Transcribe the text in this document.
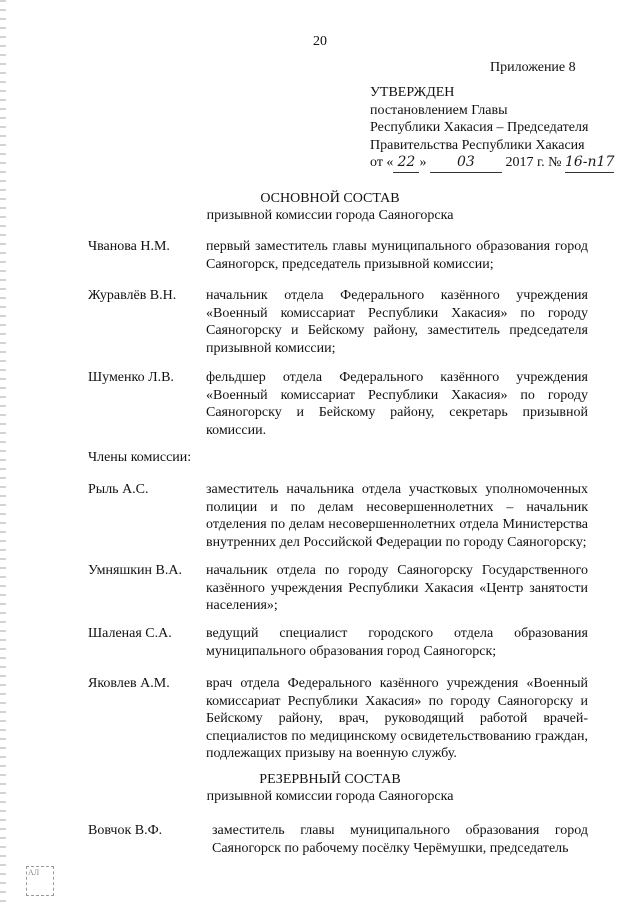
20
Приложение 8
УТВЕРЖДЕН
постановлением Главы
Республики Хакасия – Председателя
Правительства Республики Хакасия
от « 22 » 03 2017 г. № 16-п17
ОСНОВНОЙ СОСТАВ
призывной комиссии города Саяногорска
Чванова Н.М.	первый заместитель главы муниципального образования город Саяногорск, председатель призывной комиссии;
Журавлёв В.Н. начальник отдела Федерального казённого учреждения «Военный комиссариат Республики Хакасия» по городу Саяногорску и Бейскому району, заместитель председателя призывной комиссии;
Шуменко Л.В. фельдшер отдела Федерального казённого учреждения «Военный комиссариат Республики Хакасия» по городу Саяногорску и Бейскому району, секретарь призывной комиссии.
Члены комиссии:
Рыль А.С.	заместитель начальника отдела участковых уполномоченных полиции и по делам несовершеннолетних – начальник отделения по делам несовершеннолетних отдела Министерства внутренних дел Российской Федерации по городу Саяногорску;
Умняшкин В.А. начальник отдела по городу Саяногорску Государственного казённого учреждения Республики Хакасия «Центр занятости населения»;
Шаленая С.А. ведущий специалист городского отдела образования муниципального образования город Саяногорск;
Яковлев А.М.	врач отдела Федерального казённого учреждения «Военный комиссариат Республики Хакасия» по городу Саяногорску и Бейскому району, врач, руководящий работой врачей-специалистов по медицинскому освидетельствованию граждан, подлежащих призыву на военную службу.
РЕЗЕРВНЫЙ СОСТАВ
призывной комиссии города Саяногорска
Вовчок В.Ф.	заместитель главы муниципального образования город Саяногорск по рабочему посёлку Черёмушки, председатель
АЛ
